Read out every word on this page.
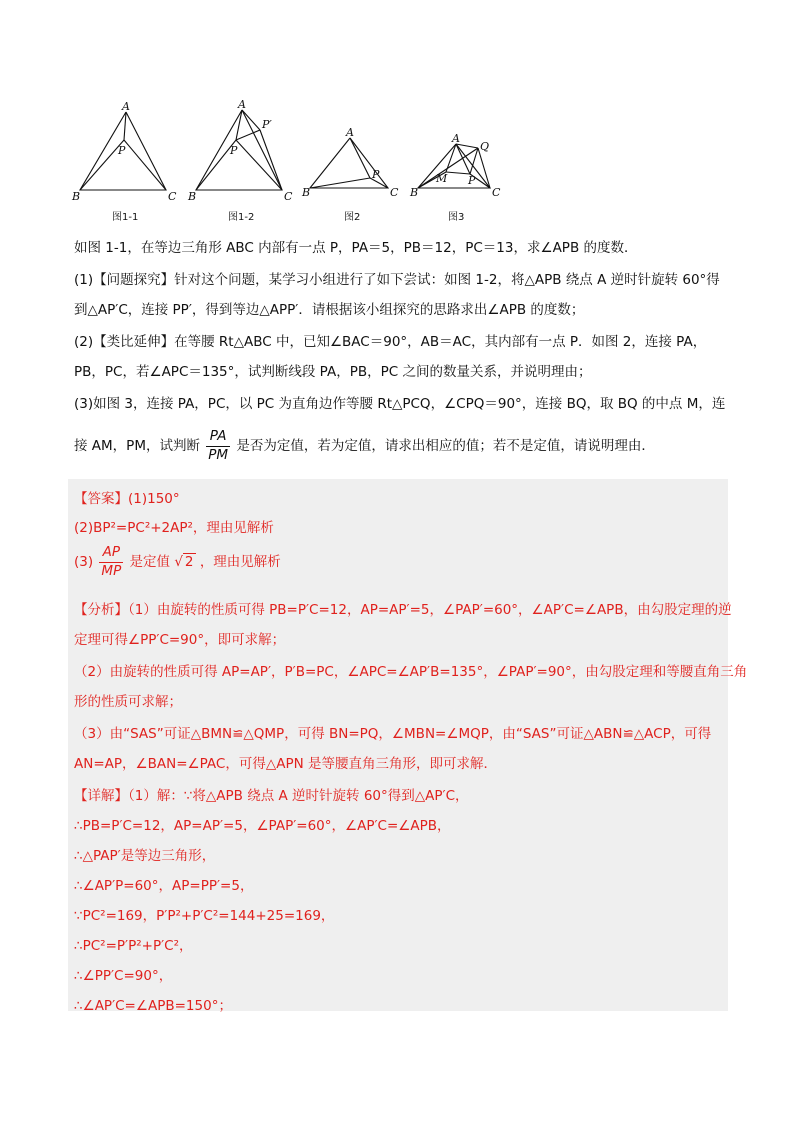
A
P
B	C
图1-1
A
P′
P
B	C
图1-2
A
P
B	C
图2
A
Q
M P
B	C
图3
如图 1-1，在等边三角形 ABC 内部有一点 P，PA＝5，PB＝12，PC＝13，求∠APB 的度数．
(1)【问题探究】针对这个问题，某学习小组进行了如下尝试：如图 1-2，将△APB 绕点 A 逆时针旋转 60°得
到△AP′C，连接 PP′，得到等边△APP′．请根据该小组探究的思路求出∠APB 的度数；
(2)【类比延伸】在等腰 Rt△ABC 中，已知∠BAC＝90°，AB＝AC，其内部有一点 P．如图 2，连接 PA，
PB，PC，若∠APC＝135°，试判断线段 PA，PB，PC 之间的数量关系，并说明理由；
(3)如图 3，连接 PA，PC，以 PC 为直角边作等腰 Rt△PCQ，∠CPQ＝90°，连接 BQ，取 BQ 的中点 M，连
接 AM，PM，试判断 $\frac{PA}{PM}$ 是否为定值，若为定值，请求出相应的值；若不是定值，请说明理由．
【答案】(1)150°
(2)BP²=PC²+2AP²，理由见解析
$(3) \frac{AP}{MP}$ 是定值 √ 2 ，理由见解析
【分析】（1）由旋转的性质可得 PB=P′C=12，AP=AP′=5，∠PAP′=60°，∠AP′C=∠APB，由勾股定理的逆
定理可得∠PP′C=90°，即可求解；
（2）由旋转的性质可得 AP=AP′，P′B=PC，∠APC=∠AP′B=135°，∠PAP′=90°，由勾股定理和等腰直角三角
形的性质可求解；
（3）由“SAS”可证△BMN≌△QMP，可得 BN=PQ，∠MBN=∠MQP，由“SAS”可证△ABN≌△ACP，可得
AN=AP，∠BAN=∠PAC，可得△APN 是等腰直角三角形，即可求解．
【详解】（1）解：∵将△APB 绕点 A 逆时针旋转 60°得到△AP′C，
∴PB=P′C=12，AP=AP′=5，∠PAP′=60°，∠AP′C=∠APB，
∴△PAP′是等边三角形，
∴∠AP′P=60°，AP=PP′=5，
∵PC²=169，P′P²+P′C²=144+25=169，
∴PC²=P′P²+P′C²，
∴∠PP′C=90°，
∴∠AP′C=∠APB=150°；
